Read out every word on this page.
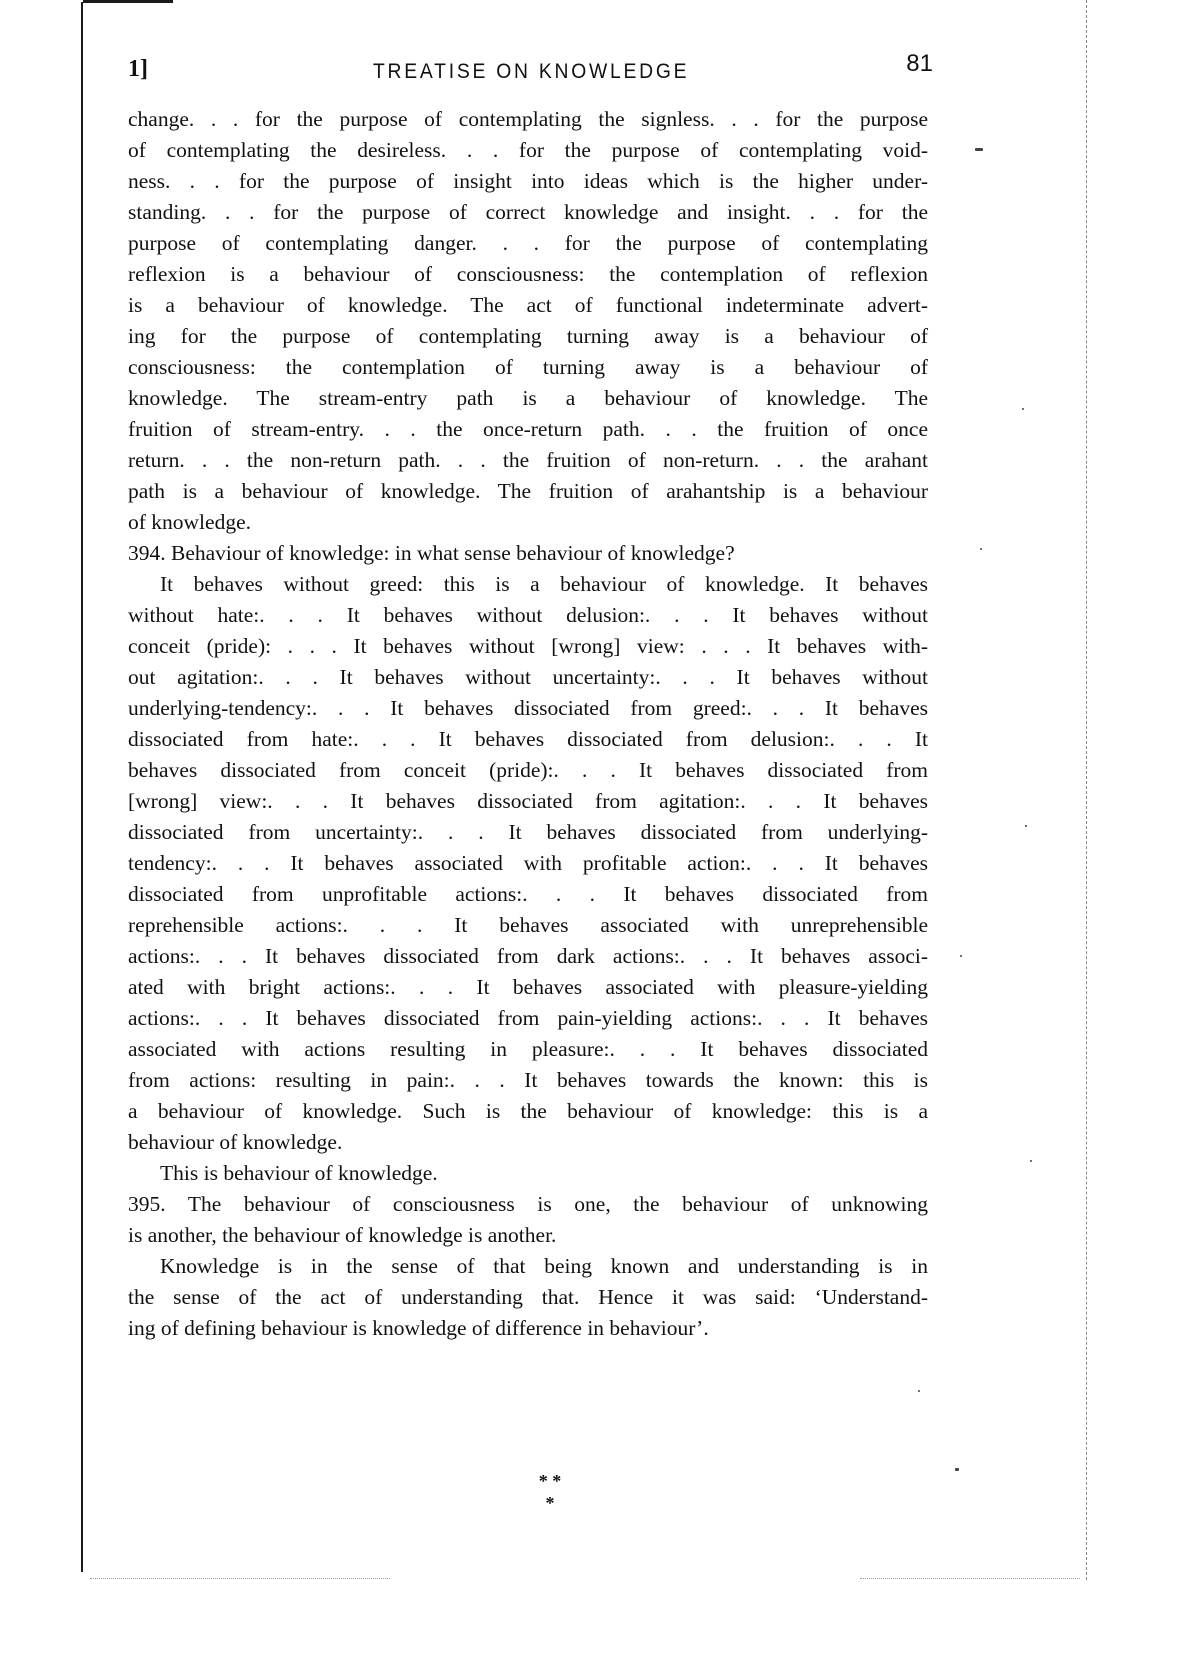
1]	TREATISE ON KNOWLEDGE	81
change. . . for the purpose of contemplating the signless. . . for the purpose
of contemplating the desireless. . . for the purpose of contemplating void-
ness. . . for the purpose of insight into ideas which is the higher under-
standing. . . for the purpose of correct knowledge and insight. . . for the
purpose of contemplating danger. . . for the purpose of contemplating
reflexion is a behaviour of consciousness: the contemplation of reflexion
is a behaviour of knowledge. The act of functional indeterminate advert-
ing for the purpose of contemplating turning away is a behaviour of
consciousness: the contemplation of turning away is a behaviour of
knowledge. The stream-entry path is a behaviour of knowledge. The
fruition of stream-entry. . . the once-return path. . . the fruition of once
return. . . the non-return path. . . the fruition of non-return. . . the arahant
path is a behaviour of knowledge. The fruition of arahantship is a behaviour
of knowledge.
394. Behaviour of knowledge: in what sense behaviour of knowledge?
It behaves without greed: this is a behaviour of knowledge. It behaves
without hate:. . . It behaves without delusion:. . . It behaves without
conceit (pride): . . . It behaves without [wrong] view: . . . It behaves with-
out agitation:. . . It behaves without uncertainty:. . . It behaves without
underlying-tendency:. . . It behaves dissociated from greed:. . . It behaves
dissociated from hate:. . . It behaves dissociated from delusion:. . . It
behaves dissociated from conceit (pride):. . . It behaves dissociated from
[wrong] view:. . . It behaves dissociated from agitation:. . . It behaves
dissociated from uncertainty:. . . It behaves dissociated from underlying-
tendency:. . . It behaves associated with profitable action:. . . It behaves
dissociated from unprofitable actions:. . . It behaves dissociated from
reprehensible actions:. . . It behaves associated with unreprehensible
actions:. . . It behaves dissociated from dark actions:. . . It behaves associ-
ated with bright actions:. . . It behaves associated with pleasure-yielding
actions:. . . It behaves dissociated from pain-yielding actions:. . . It behaves
associated with actions resulting in pleasure:. . . It behaves dissociated
from actions: resulting in pain:. . . It behaves towards the known: this is
a behaviour of knowledge. Such is the behaviour of knowledge: this is a
behaviour of knowledge.
This is behaviour of knowledge.
395. The behaviour of consciousness is one, the behaviour of unknowing
is another, the behaviour of knowledge is another.
Knowledge is in the sense of that being known and understanding is in
the sense of the act of understanding that. Hence it was said: ‘Understand-
ing of defining behaviour is knowledge of difference in behaviour’.
* *
*
